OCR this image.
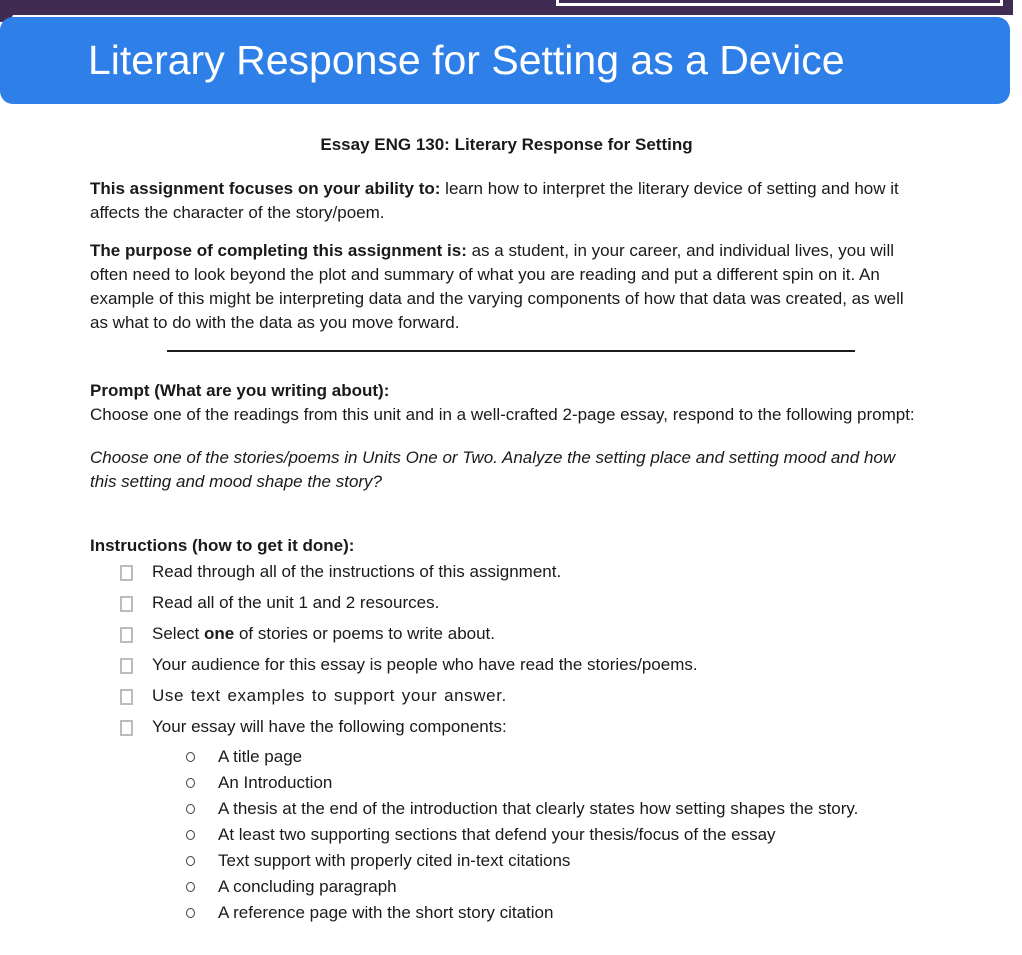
Literary Response for Setting as a Device
Essay ENG 130: Literary Response for Setting

This assignment focuses on your ability to: learn how to interpret the literary device of setting and how it affects the character of the story/poem.

The purpose of completing this assignment is: as a student, in your career, and individual lives, you will often need to look beyond the plot and summary of what you are reading and put a different spin on it. An example of this might be interpreting data and the varying components of how that data was created, as well as what to do with the data as you move forward.

Prompt (What are you writing about):
Choose one of the readings from this unit and in a well-crafted 2-page essay, respond to the following prompt:
Choose one of the stories/poems in Units One or Two. Analyze the setting place and setting mood and how this setting and mood shape the story?
Instructions (how to get it done):
Read through all of the instructions of this assignment.
Read all of the unit 1 and 2 resources.
Select one of stories or poems to write about.
Your audience for this essay is people who have read the stories/poems.
Use text examples to support your answer.
Your essay will have the following components:
A title page
An Introduction
A thesis at the end of the introduction that clearly states how setting shapes the story.
At least two supporting sections that defend your thesis/focus of the essay
Text support with properly cited in-text citations
A concluding paragraph
A reference page with the short story citation
